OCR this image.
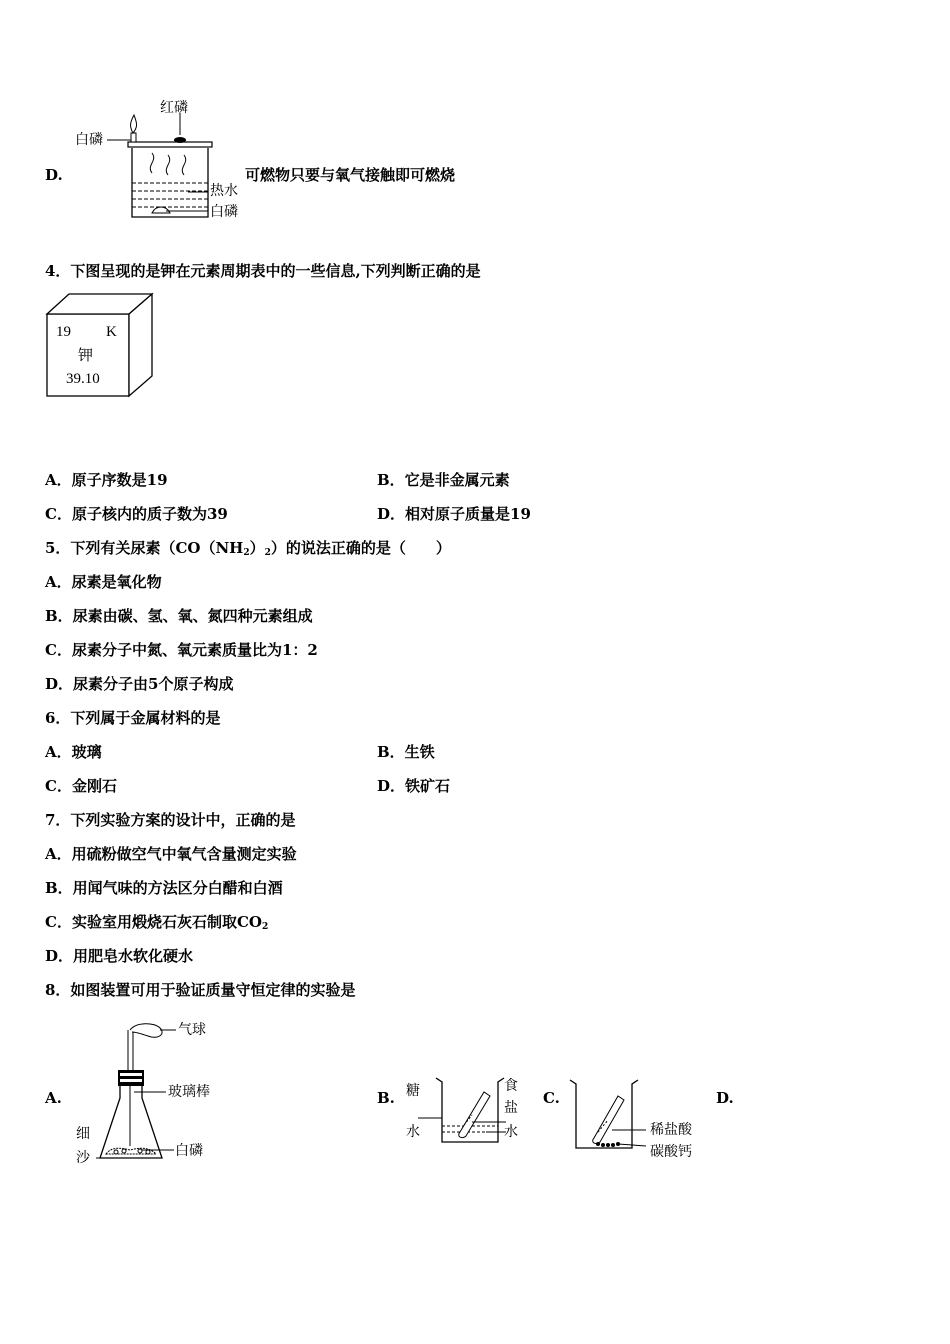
D.
红磷
白磷
热水
白磷
可燃物只要与氧气接触即可燃烧
4．下图呈现的是钾在元素周期表中的一些信息,下列判断正确的是
19 K
钾
39.10
A．原子序数是19	B．它是非金属元素
C．原子核内的质子数为39	D．相对原子质量是19
5．下列有关尿素$(CO(NH_2)_2)$的说法正确的是（　　）
A．尿素是氧化物
B．尿素由碳、氢、氧、氮四种元素组成
C．尿素分子中氮、氧元素质量比为1：2
D．尿素分子由5个原子构成
6．下列属于金属材料的是
A．玻璃	B．生铁
C．金刚石	D．铁矿石
7．下列实验方案的设计中，正确的是
A．用硫粉做空气中氧气含量测定实验
B．用闻气味的方法区分白醋和白酒
C．实验室用煅烧石灰石制取$CO_2$
D．用肥皂水软化硬水
8．如图装置可用于验证质量守恒定律的实验是
A.
气球
玻璃棒
细
沙	白磷
B. 糖
水
食
盐
水
C.
稀盐酸
碳酸钙
D.
